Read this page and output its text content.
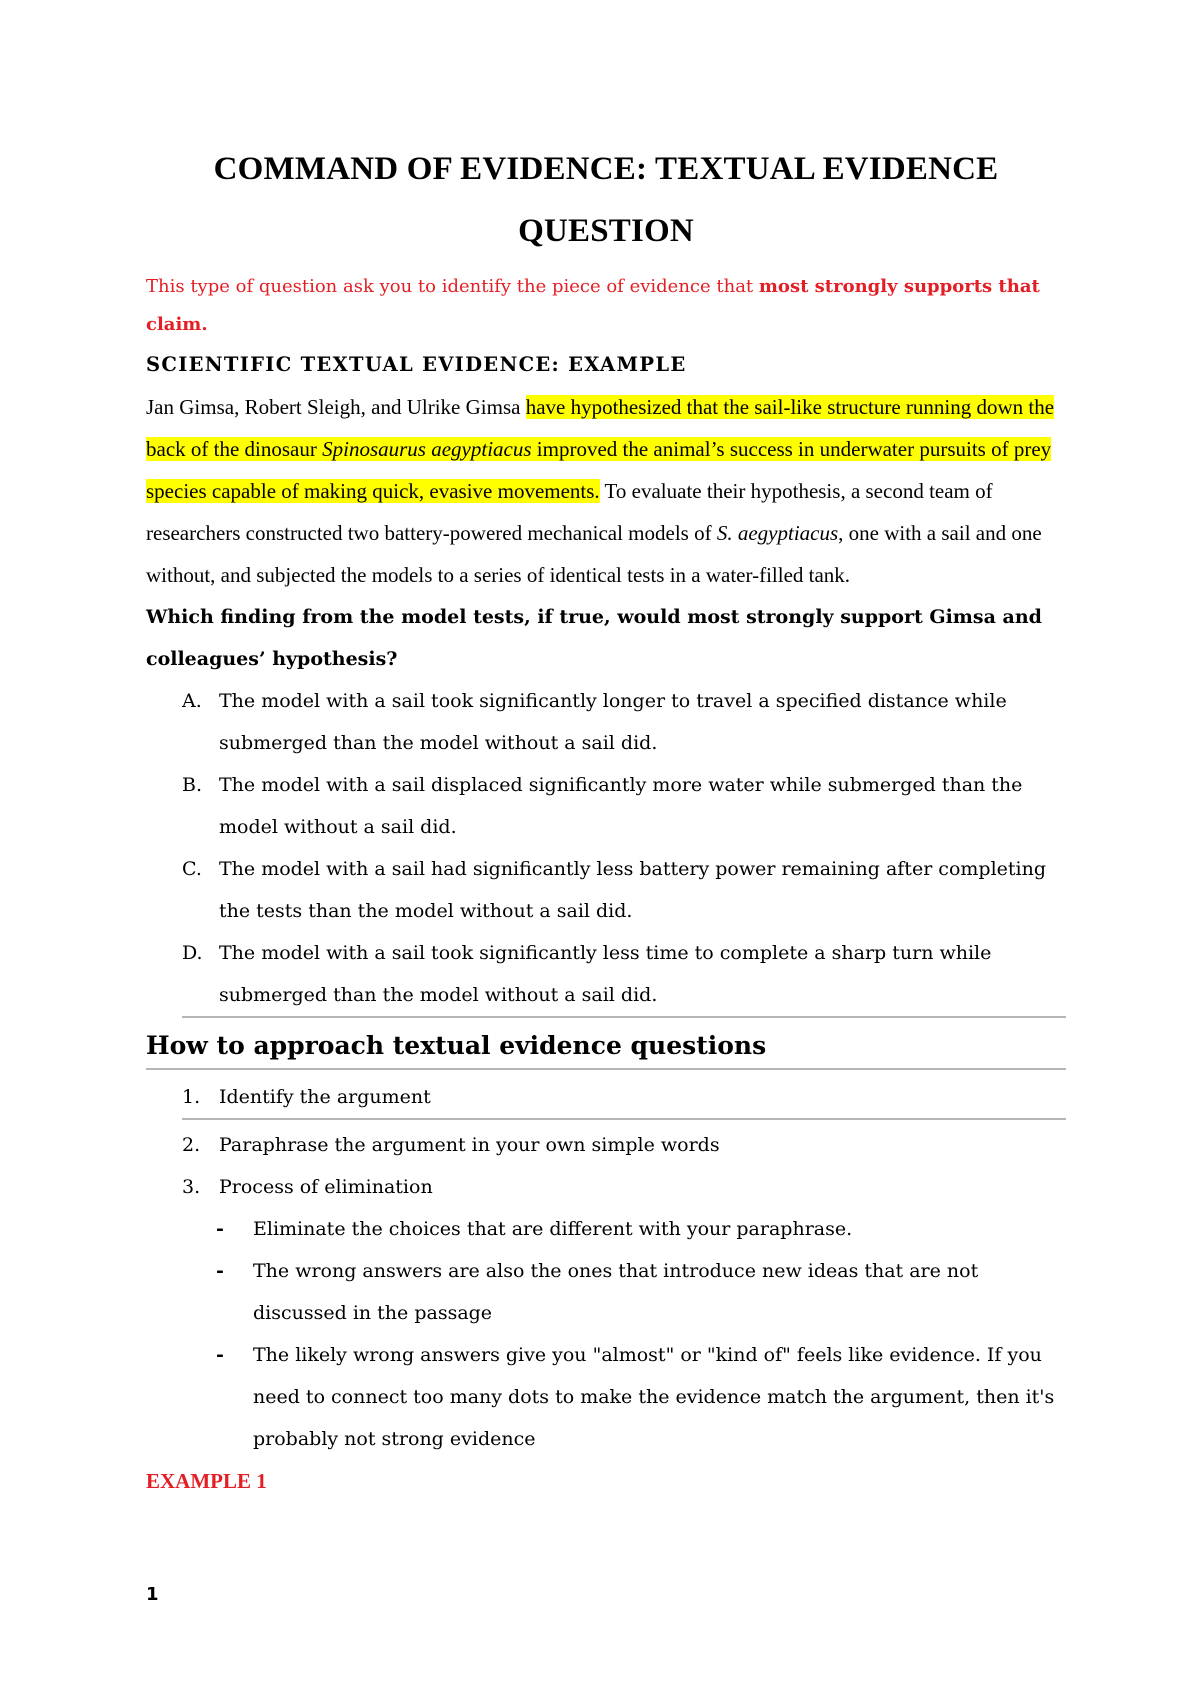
COMMAND OF EVIDENCE: TEXTUAL EVIDENCE
QUESTION

This type of question ask you to identify the piece of evidence that most strongly supports that claim.

SCIENTIFIC TEXTUAL EVIDENCE: EXAMPLE

Jan Gimsa, Robert Sleigh, and Ulrike Gimsa have hypothesized that the sail-like structure running down the back of the dinosaur Spinosaurus aegyptiacus improved the animal’s success in underwater pursuits of prey species capable of making quick, evasive movements. To evaluate their hypothesis, a second team of researchers constructed two battery-powered mechanical models of S. aegyptiacus, one with a sail and one without, and subjected the models to a series of identical tests in a water-filled tank.

Which finding from the model tests, if true, would most strongly support Gimsa and colleagues’ hypothesis?

A. The model with a sail took significantly longer to travel a specified distance while submerged than the model without a sail did.
B. The model with a sail displaced significantly more water while submerged than the model without a sail did.
C. The model with a sail had significantly less battery power remaining after completing the tests than the model without a sail did.
D. The model with a sail took significantly less time to complete a sharp turn while submerged than the model without a sail did.
How to approach textual evidence questions
1. Identify the argument
2. Paraphrase the argument in your own simple words
3. Process of elimination
-	Eliminate the choices that are different with your paraphrase.
-	The wrong answers are also the ones that introduce new ideas that are not discussed in the passage
-	The likely wrong answers give you "almost" or "kind of" feels like evidence. If you need to connect too many dots to make the evidence match the argument, then it's probably not strong evidence
EXAMPLE 1
1
